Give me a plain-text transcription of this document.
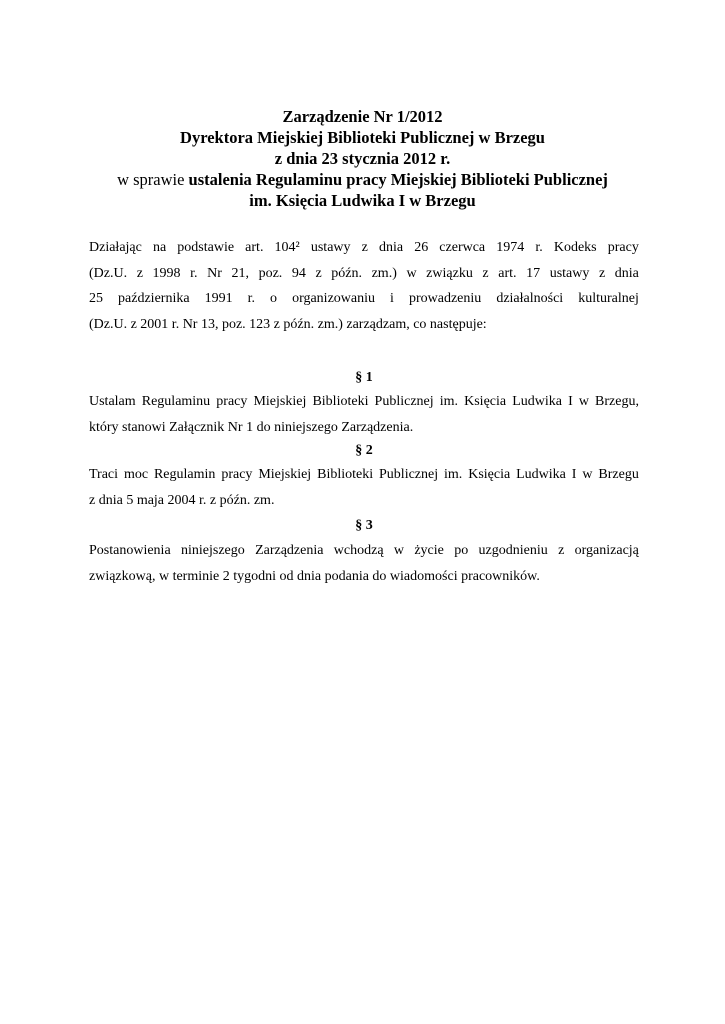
Zarządzenie Nr 1/2012
Dyrektora Miejskiej Biblioteki Publicznej w Brzegu
z dnia 23 stycznia 2012 r.
w sprawie ustalenia Regulaminu pracy Miejskiej Biblioteki Publicznej
im. Księcia Ludwika I w Brzegu
Działając na podstawie art. 104² ustawy z dnia 26 czerwca 1974 r. Kodeks pracy
(Dz.U. z 1998 r. Nr 21, poz. 94 z późn. zm.) w związku z art. 17 ustawy z dnia
25 października 1991 r. o organizowaniu i prowadzeniu działalności kulturalnej
(Dz.U. z 2001 r. Nr 13, poz. 123 z późn. zm.) zarządzam, co następuje:
§ 1
Ustalam Regulaminu pracy Miejskiej Biblioteki Publicznej im. Księcia Ludwika I w Brzegu,
który stanowi Załącznik Nr 1 do niniejszego Zarządzenia.
§ 2
Traci moc Regulamin pracy Miejskiej Biblioteki Publicznej im. Księcia Ludwika I w Brzegu
z dnia 5 maja 2004 r. z późn. zm.
§ 3
Postanowienia niniejszego Zarządzenia wchodzą w życie po uzgodnieniu z organizacją
związkową, w terminie 2 tygodni od dnia podania do wiadomości pracowników.
